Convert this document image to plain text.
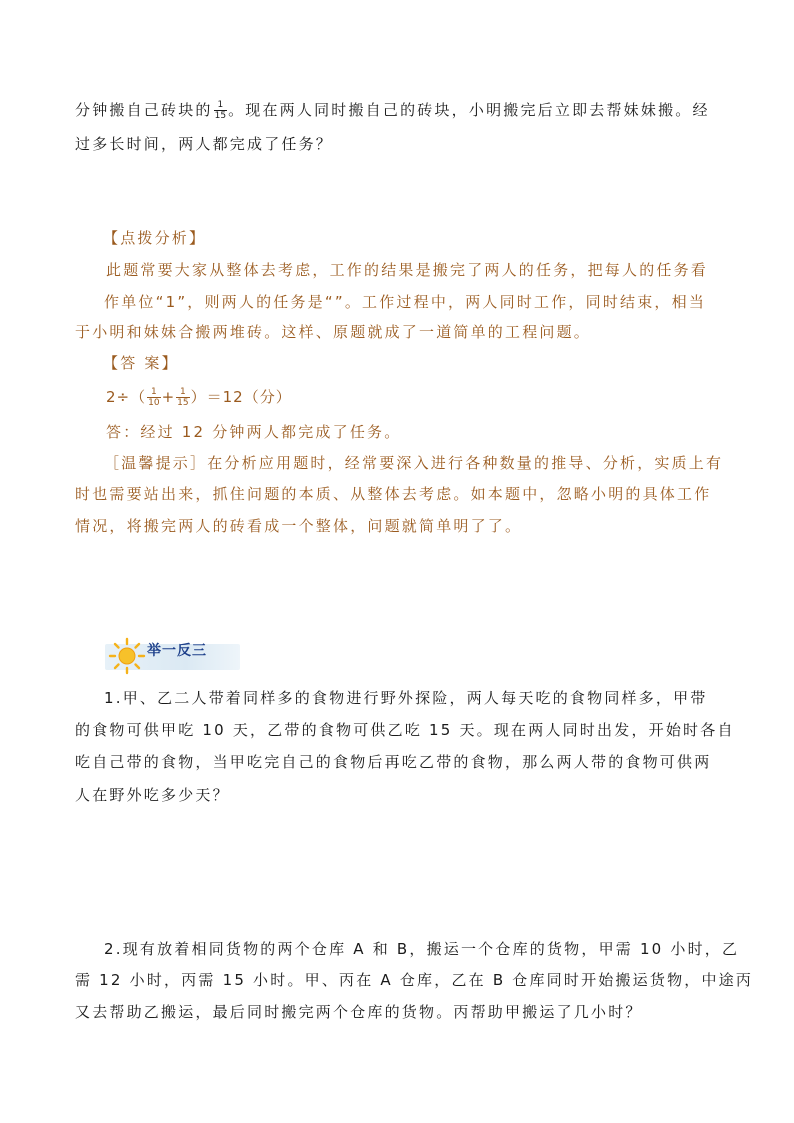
分钟搬自己砖块的 $\frac{1}{15}$ 。现在两人同时搬自己的砖块，小明搬完后立即去帮妹妹搬。经
过多长时间，两人都完成了任务？
【点拨分析】
此题常要大家从整体去考虑，工作的结果是搬完了两人的任务，把每人的任务看
作单位“1”，则两人的任务是“”。工作过程中，两人同时工作，同时结束，相当
于小明和妹妹合搬两堆砖。这样、原题就成了一道简单的工程问题。
【答 案】
$2\div( \frac{1}{10} + \frac{1}{15} )=12$（分）
答：经过 12 分钟两人都完成了任务。
［温馨提示］在分析应用题时，经常要深入进行各种数量的推导、分析，实质上有
时也需要站出来，抓住问题的本质、从整体去考虑。如本题中，忽略小明的具体工作
情况，将搬完两人的砖看成一个整体，问题就简单明了了。
举一反三
1.甲、乙二人带着同样多的食物进行野外探险，两人每天吃的食物同样多，甲带
的食物可供甲吃 10 天，乙带的食物可供乙吃 15 天。现在两人同时出发，开始时各自
吃自己带的食物，当甲吃完自己的食物后再吃乙带的食物，那么两人带的食物可供两
人在野外吃多少天？
2.现有放着相同货物的两个仓库 A 和 B，搬运一个仓库的货物，甲需 10 小时，乙
需 12 小时，丙需 15 小时。甲、丙在 A 仓库，乙在 B 仓库同时开始搬运货物，中途丙
又去帮助乙搬运，最后同时搬完两个仓库的货物。丙帮助甲搬运了几小时？
